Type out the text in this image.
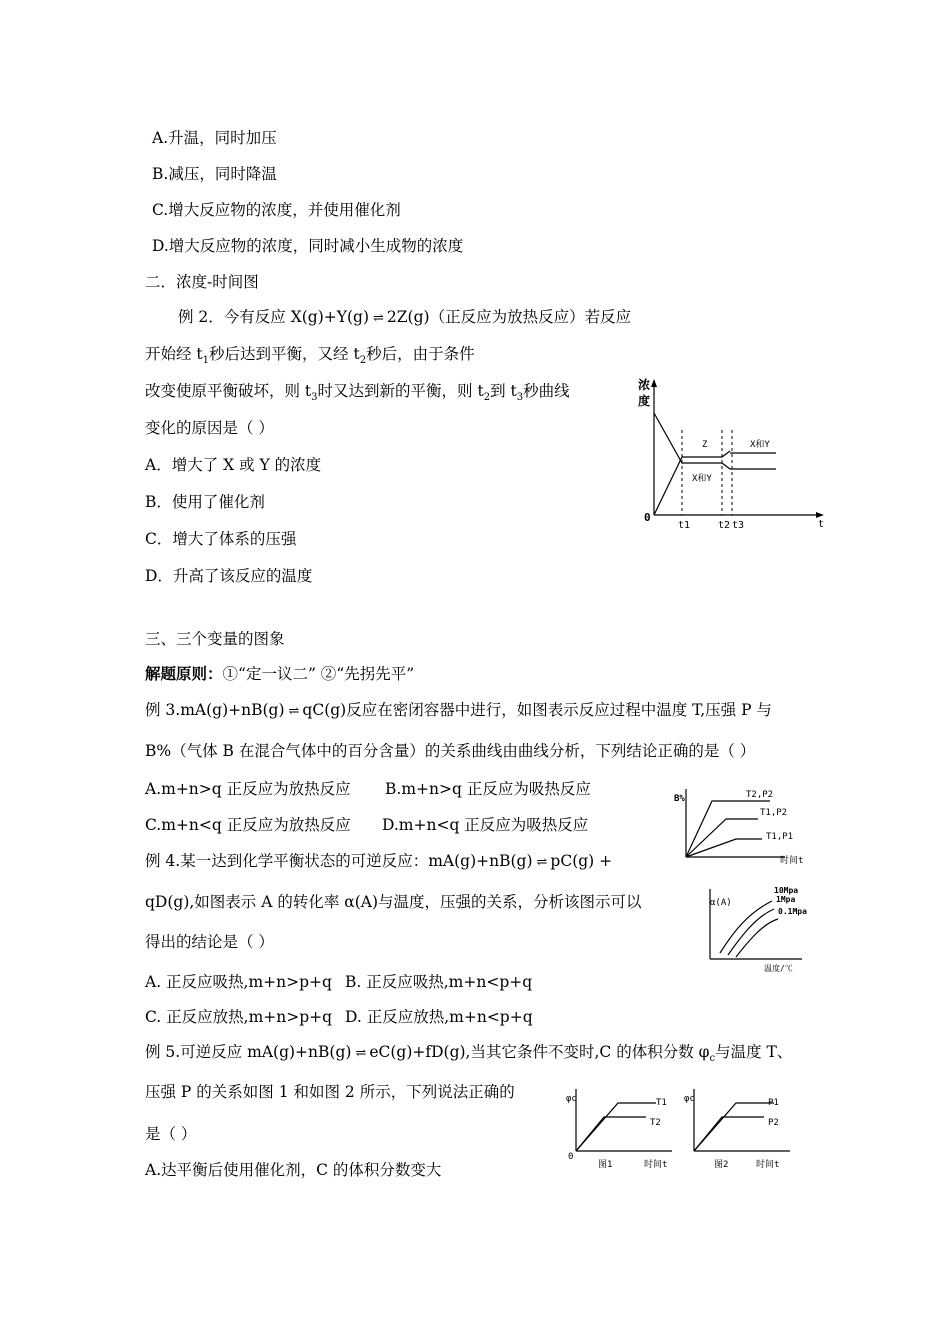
A.升温，同时加压
B.减压，同时降温
C.增大反应物的浓度，并使用催化剂
D.增大反应物的浓度，同时减小生成物的浓度
二．浓度-时间图
例 2．今有反应 X(g)+Y(g) ⇌ 2Z(g)（正反应为放热反应）若反应
开始经 $t_1$秒后达到平衡，又经 $t_2$秒后，由于条件
改变使原平衡破坏，则 $t_3$时又达到新的平衡，则 $t_2$到 $t_3$秒曲线
变化的原因是（ ）
A．增大了 X 或 Y 的浓度
B．使用了催化剂
C．增大了体系的压强
D．升高了该反应的温度
浓
度
0
t
Z	X和Y
X和Y
t1	t2 t3
三、三个变量的图象
解题原则：①“定一议二” ②“先拐先平”
例 3.mA(g)+nB(g) ⇌ qC(g)反应在密闭容器中进行，如图表示反应过程中温度 T,压强 P 与
B%（气体 B 在混合气体中的百分含量）的关系曲线由曲线分析，下列结论正确的是（ ）
A.m+n>q 正反应为放热反应 B.m+n>q 正反应为吸热反应
C.m+n<q 正反应为放热反应 D.m+n<q 正反应为吸热反应
例 4.某一达到化学平衡状态的可逆反应：mA(g)+nB(g) ⇌ pC(g) +
qD(g),如图表示 A 的转化率 α(A)与温度，压强的关系，分析该图示可以
得出的结论是（ ）
A. 正反应吸热,m+n>p+q B. 正反应吸热,m+n<p+q
C. 正反应放热,m+n>p+q D. 正反应放热,m+n<p+q
例 5.可逆反应 mA(g)+nB(g) ⇌ eC(g)+fD(g),当其它条件不变时,C 的体积分数 $\varphi_c$与温度 T、
压强 P 的关系如图 1 和如图 2 所示，下列说法正确的
是（ ）
A.达平衡后使用催化剂，C 的体积分数变大
B%	T2,P2
T1,P2
T1,P1
时间t
α(A)
10Mpa
1Mpa
0.1Mpa
温度/℃
φc	T1
T2
0
图1	时间t
φc	P1
P2
图2	时间t
